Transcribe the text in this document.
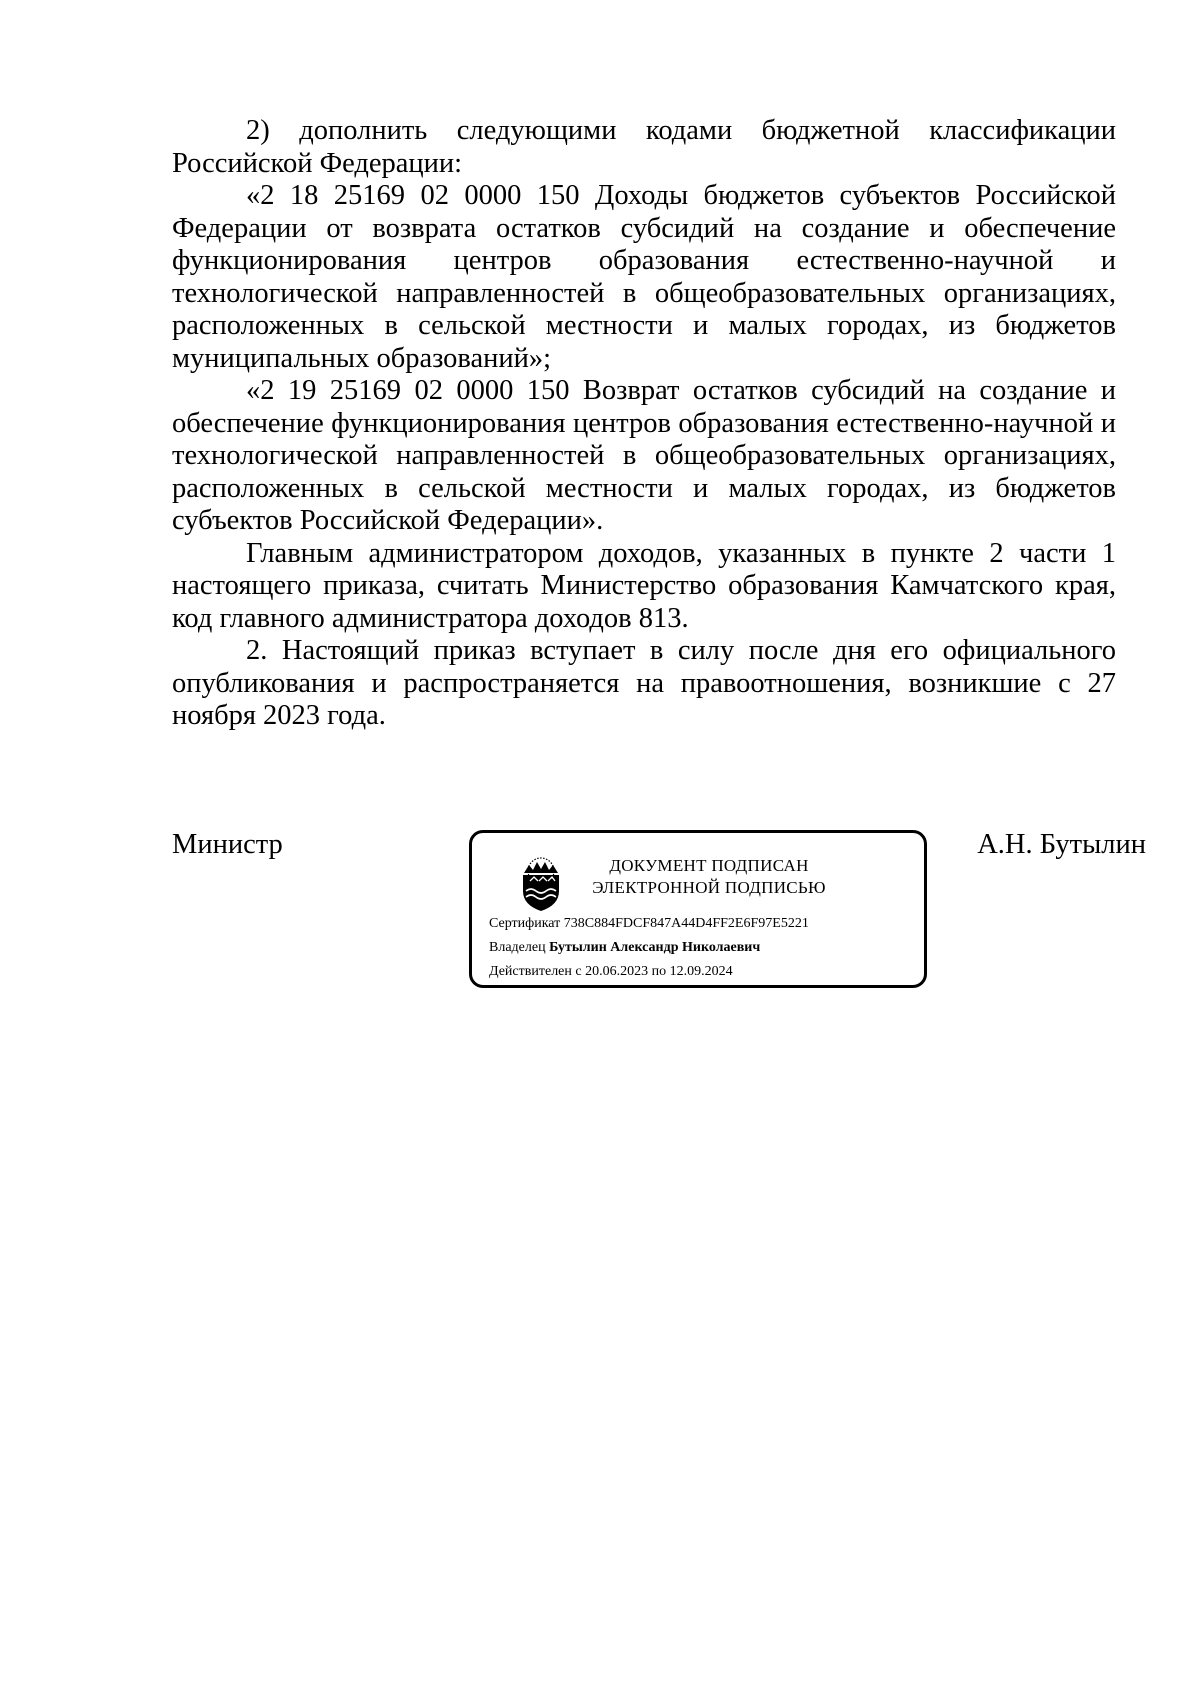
2) дополнить следующими кодами бюджетной классификации Российской Федерации:

«2 18 25169 02 0000 150 Доходы бюджетов субъектов Российской Федерации от возврата остатков субсидий на создание и обеспечение функционирования центров образования естественно-научной и технологической направленностей в общеобразовательных организациях, расположенных в сельской местности и малых городах, из бюджетов муниципальных образований»;

«2 19 25169 02 0000 150 Возврат остатков субсидий на создание и обеспечение функционирования центров образования естественно-научной и технологической направленностей в общеобразовательных организациях, расположенных в сельской местности и малых городах, из бюджетов субъектов Российской Федерации».

Главным администратором доходов, указанных в пункте 2 части 1 настоящего приказа, считать Министерство образования Камчатского края, код главного администратора доходов 813.

2. Настоящий приказ вступает в силу после дня его официального опубликования и распространяется на правоотношения, возникшие с 27 ноября 2023 года.

Министр
ДОКУМЕНТ ПОДПИСАН
ЭЛЕКТРОННОЙ ПОДПИСЬЮ
Сертификат 738C884FDCF847A44D4FF2E6F97E5221
Владелец Бутылин Александр Николаевич
Действителен с 20.06.2023 по 12.09.2024
А.Н. Бутылин
